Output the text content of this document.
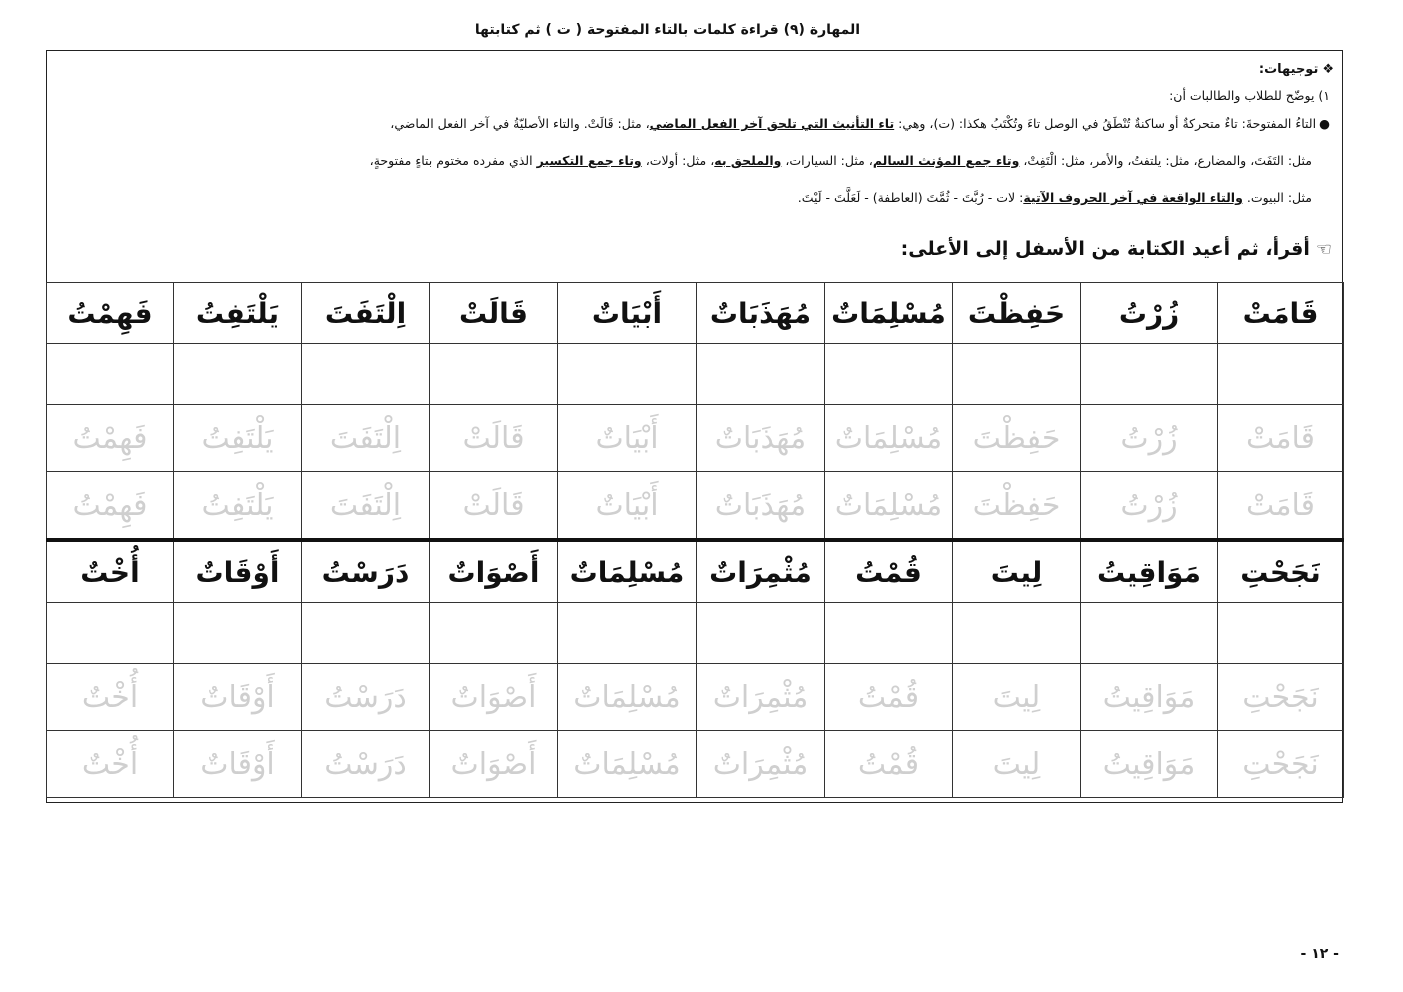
المهارة (٩) قراءة كلمات بالتاء المفتوحة ( ت ) ثم كتابتها
❖توجيهات:
١) يوضّح للطلاب والطالبات أن:
●التاءُ المفتوحةَ: تاءٌ متحركةٌ أو ساكنةٌ تُنْطَقُ في الوصل تاءَ وتُكْتَبُ هكذا: (ت)، وهي: تاء التأنيث التي تلحق آخر الفعل الماضي، مثل: قَالَتْ. والتاء الأصليّةُ في آخر الفعل الماضي،
مثل: التَفَتَ، والمضارع، مثل: يلتفتُ، والأمر، مثل: الْتَفِتْ، وتاء جمع المؤنث السالم، مثل: السيارات، والملحق به، مثل: أولات، وتاء جمع التكسير الذي مفرده مختوم بتاءٍ مفتوحةٍ،
مثل: البيوت. والتاء الواقعة في آخر الحروف الآتية: لات - رُبَّتَ - ثُمَّتَ (العاطفة) - لَعَلَّتَ - لَيْتَ.
☜أقرأ، ثم أعيد الكتابة من الأسفل إلى الأعلى:
قَامَتْ	زُرْتُ	حَفِظْتَ	مُسْلِمَاتٌ	مُهَذَبَاتٌ	أَبْيَاتٌ	قَالَتْ	اِلْتَفَتَ	يَلْتَفِتُ	فَهِمْتُ

قَامَتْ	زُرْتُ	حَفِظْتَ	مُسْلِمَاتٌ	مُهَذَبَاتٌ	أَبْيَاتٌ	قَالَتْ	اِلْتَفَتَ	يَلْتَفِتُ	فَهِمْتُ
قَامَتْ	زُرْتُ	حَفِظْتَ	مُسْلِمَاتٌ	مُهَذَبَاتٌ	أَبْيَاتٌ	قَالَتْ	اِلْتَفَتَ	يَلْتَفِتُ	فَهِمْتُ
نَجَحْتِ	مَوَاقِيتُ	لِيتَ	قُمْتُ	مُثْمِرَاتٌ	مُسْلِمَاتٌ	أَصْوَاتٌ	دَرَسْتُ	أَوْقَاتٌ	أُخْتٌ

نَجَحْتِ	مَوَاقِيتُ	لِيتَ	قُمْتُ	مُثْمِرَاتٌ	مُسْلِمَاتٌ	أَصْوَاتٌ	دَرَسْتُ	أَوْقَاتٌ	أُخْتٌ
نَجَحْتِ	مَوَاقِيتُ	لِيتَ	قُمْتُ	مُثْمِرَاتٌ	مُسْلِمَاتٌ	أَصْوَاتٌ	دَرَسْتُ	أَوْقَاتٌ	أُخْتٌ
- ١٢ -
